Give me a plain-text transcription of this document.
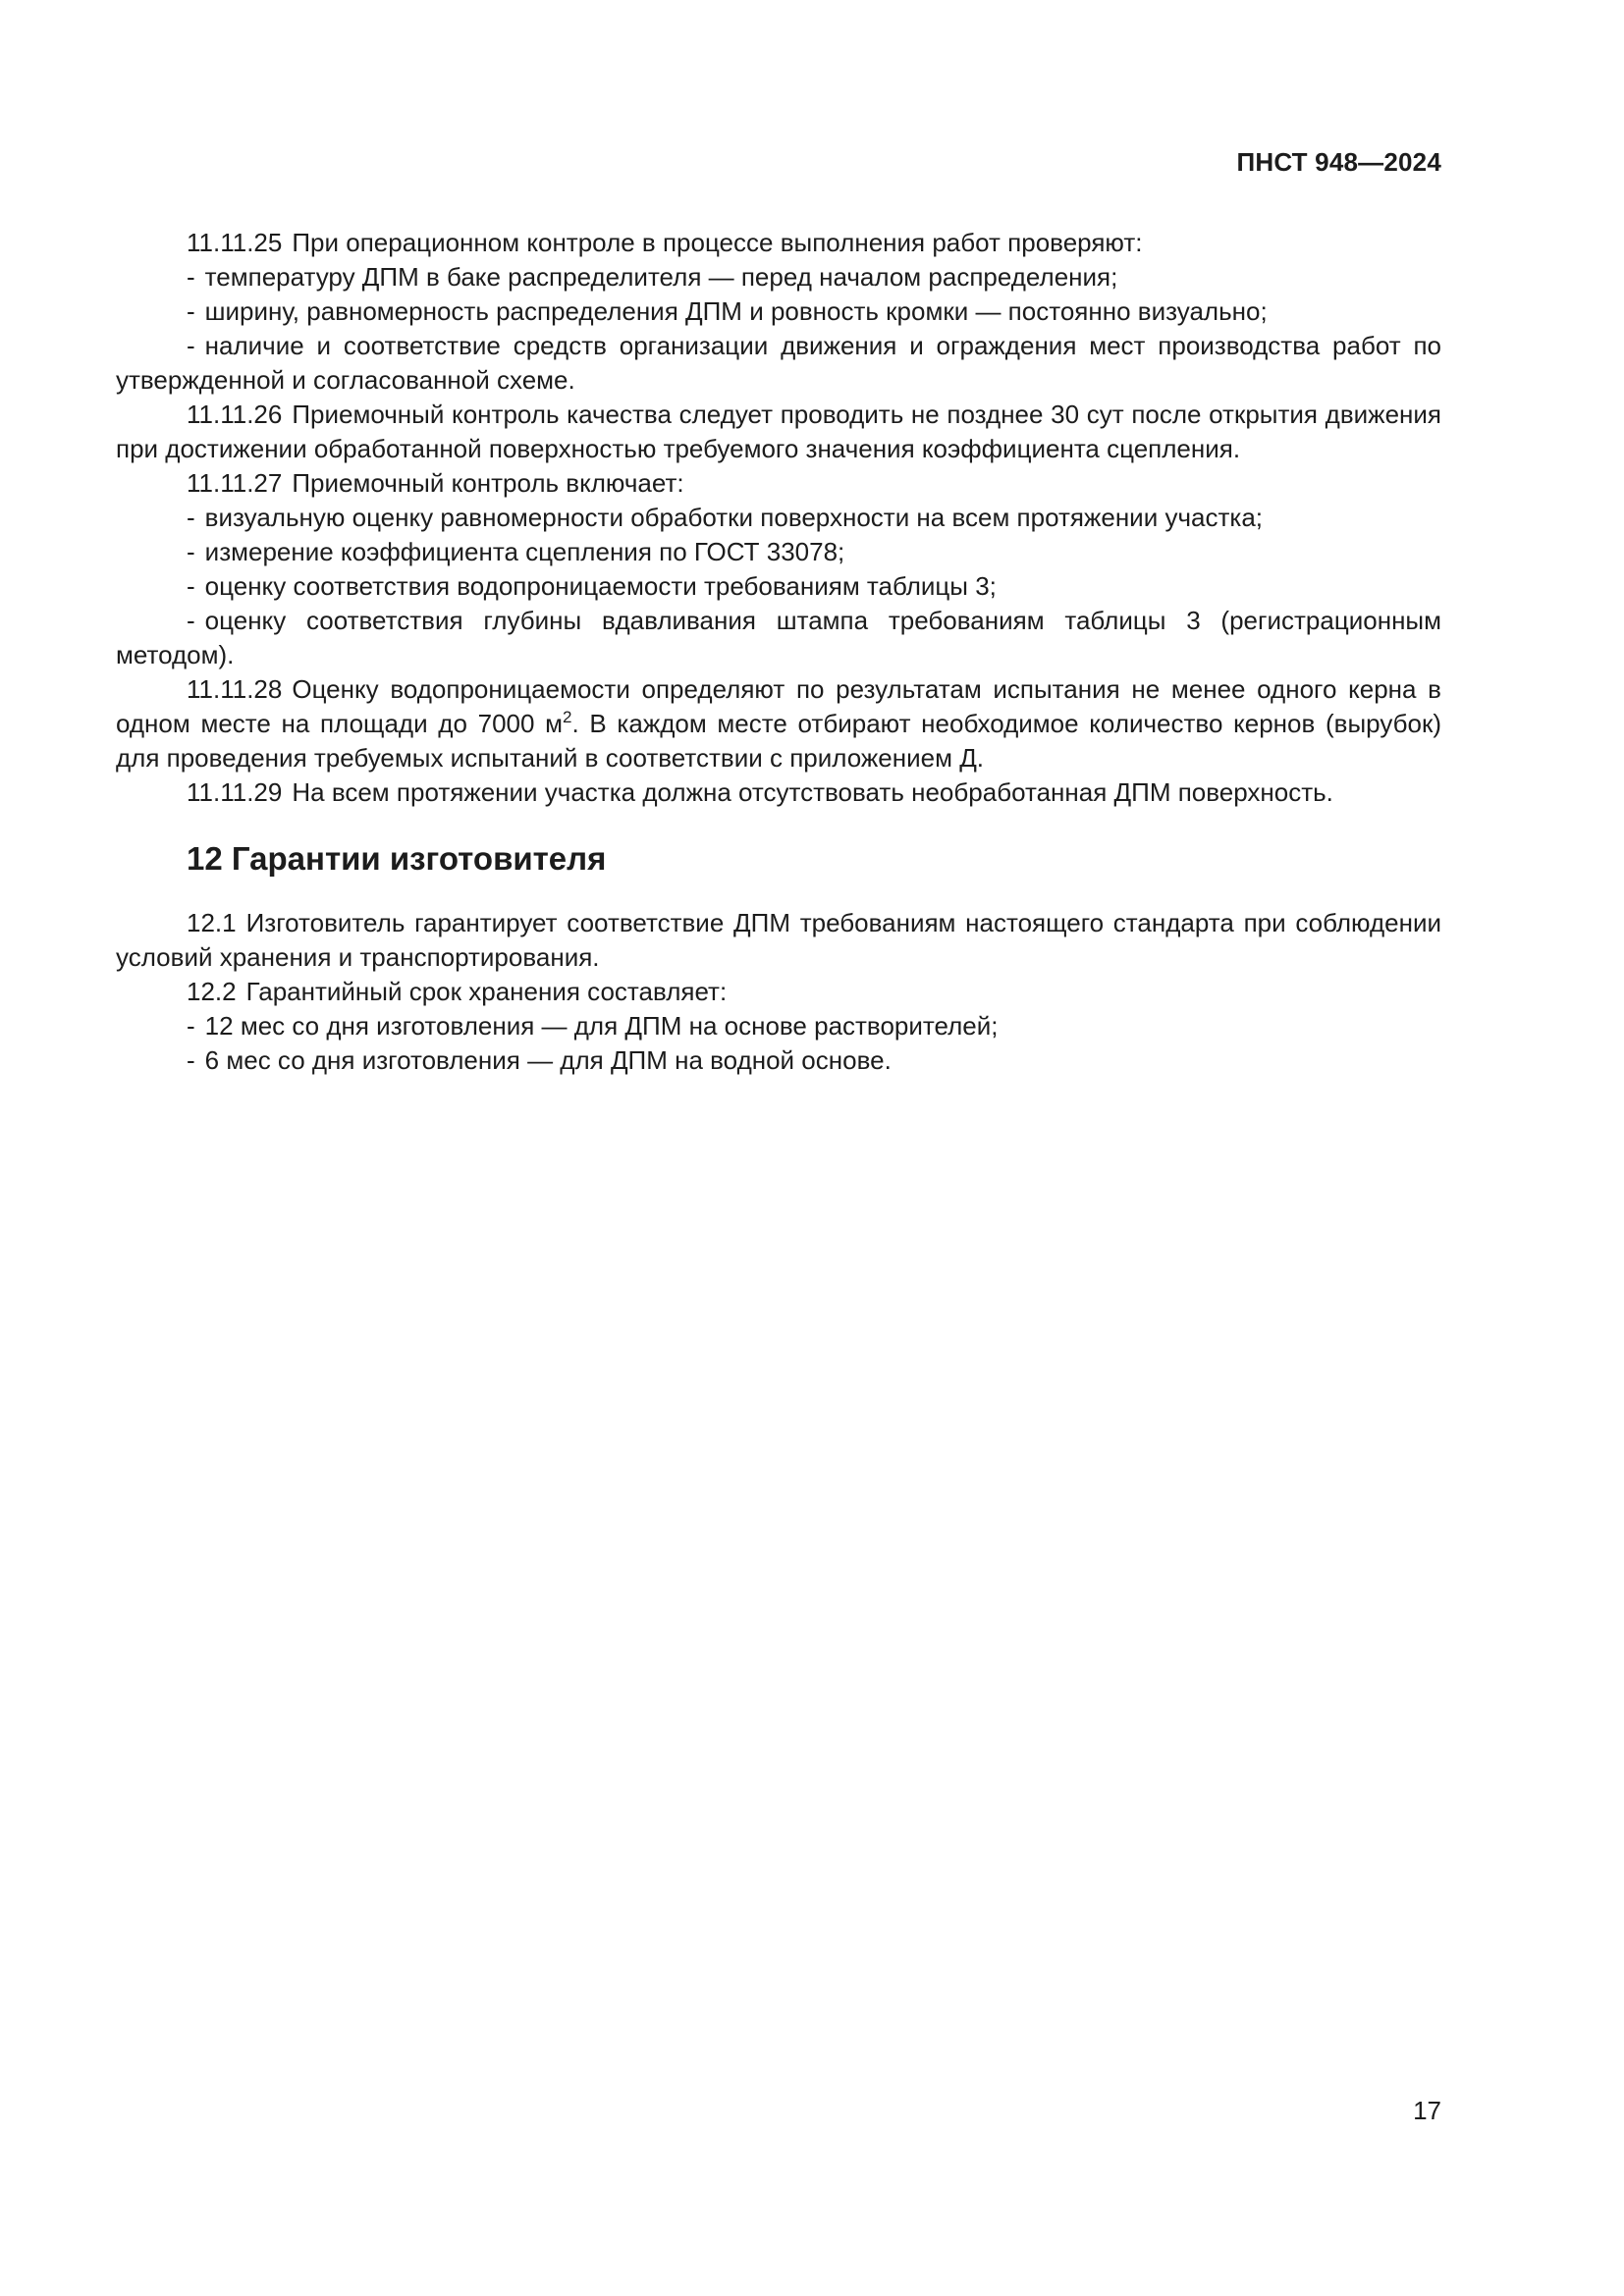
ПНСТ 948—2024

11.11.25 При операционном контроле в процессе выполнения работ проверяют:

- температуру ДПМ в баке распределителя — перед началом распределения;

- ширину, равномерность распределения ДПМ и ровность кромки — постоянно визуально;

- наличие и соответствие средств организации движения и ограждения мест производства работ по утвержденной и согласованной схеме.

11.11.26 Приемочный контроль качества следует проводить не позднее 30 сут после открытия движения при достижении обработанной поверхностью требуемого значения коэффициента сцепления.

11.11.27 Приемочный контроль включает:

- визуальную оценку равномерности обработки поверхности на всем протяжении участка;

- измерение коэффициента сцепления по ГОСТ 33078;

- оценку соответствия водопроницаемости требованиям таблицы 3;

- оценку соответствия глубины вдавливания штампа требованиям таблицы 3 (регистрационным методом).

11.11.28 Оценку водопроницаемости определяют по результатам испытания не менее одного керна в одном месте на площади до 7000 $м^2$. В каждом месте отбирают необходимое количество кернов (вырубок) для проведения требуемых испытаний в соответствии с приложением Д.

11.11.29 На всем протяжении участка должна отсутствовать необработанная ДПМ поверхность.

12 Гарантии изготовителя

12.1 Изготовитель гарантирует соответствие ДПМ требованиям настоящего стандарта при соблюдении условий хранения и транспортирования.

12.2 Гарантийный срок хранения составляет:

- 12 мес со дня изготовления — для ДПМ на основе растворителей;

- 6 мес со дня изготовления — для ДПМ на водной основе.

17
